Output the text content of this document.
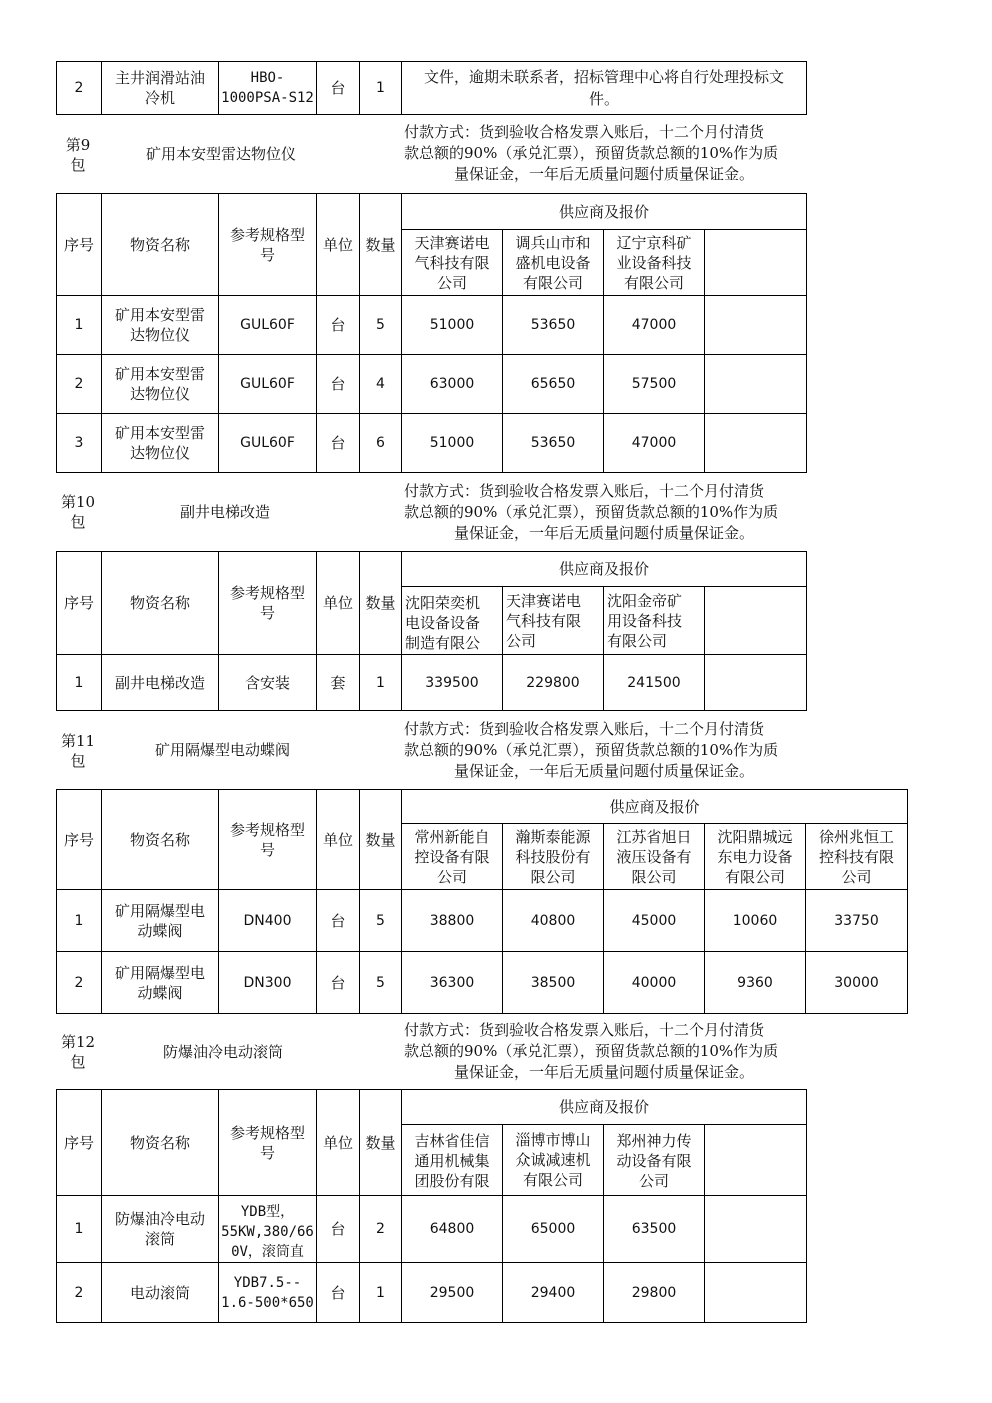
2	主井润滑站油
冷机	HBO-
1000PSA-S12	台	1	文件，逾期未联系者，招标管理中心将自行处理投标文
件。
第9
包
矿用本安型雷达物位仪
付款方式：货到验收合格发票入账后，十二个月付清货
款总额的90%（承兑汇票），预留货款总额的10%作为质
量保证金，一年后无质量问题付质量保证金。
序号	物资名称	参考规格型
号	单位	数量	供应商及报价			
					天津赛诺电
气科技有限
公司	调兵山市和
盛机电设备
有限公司	辽宁京科矿
业设备科技
有限公司	
1	矿用本安型雷
达物位仪	GUL60F	台	5	51000	53650	47000	
2	矿用本安型雷
达物位仪	GUL60F	台	4	63000	65650	57500	
3	矿用本安型雷
达物位仪	GUL60F	台	6	51000	53650	47000	
第10
包
副井电梯改造
付款方式：货到验收合格发票入账后，十二个月付清货
款总额的90%（承兑汇票），预留货款总额的10%作为质
量保证金，一年后无质量问题付质量保证金。
序号	物资名称	参考规格型
号	单位	数量	供应商及报价			
					沈阳荣奕机
电设备设备
制造有限公	天津赛诺电
气科技有限
公司	沈阳金帝矿
用设备科技
有限公司	
1	副井电梯改造	含安装	套	1	339500	229800	241500	
第11
包
矿用隔爆型电动蝶阀
付款方式：货到验收合格发票入账后，十二个月付清货
款总额的90%（承兑汇票），预留货款总额的10%作为质
量保证金，一年后无质量问题付质量保证金。
序号	物资名称	参考规格型
号	单位	数量	供应商及报价				
					常州新能自
控设备有限
公司	瀚斯泰能源
科技股份有
限公司	江苏省旭日
液压设备有
限公司	沈阳鼎城远
东电力设备
有限公司	徐州兆恒工
控科技有限
公司
1	矿用隔爆型电
动蝶阀	DN400	台	5	38800	40800	45000	10060	33750
2	矿用隔爆型电
动蝶阀	DN300	台	5	36300	38500	40000	9360	30000
第12
包
防爆油冷电动滚筒
付款方式：货到验收合格发票入账后，十二个月付清货
款总额的90%（承兑汇票），预留货款总额的10%作为质
量保证金，一年后无质量问题付质量保证金。
序号	物资名称	参考规格型
号	单位	数量	供应商及报价			
					吉林省佳信
通用机械集
团股份有限	淄博市博山
众诚减速机
有限公司	郑州神力传
动设备有限
公司	
1	防爆油冷电动
滚筒	YDB型，
55KW,380/66
0V，滚筒直	台	2	64800	65000	63500	
2	电动滚筒	YDB7.5--
1.6-500*650	台	1	29500	29400	29800	
